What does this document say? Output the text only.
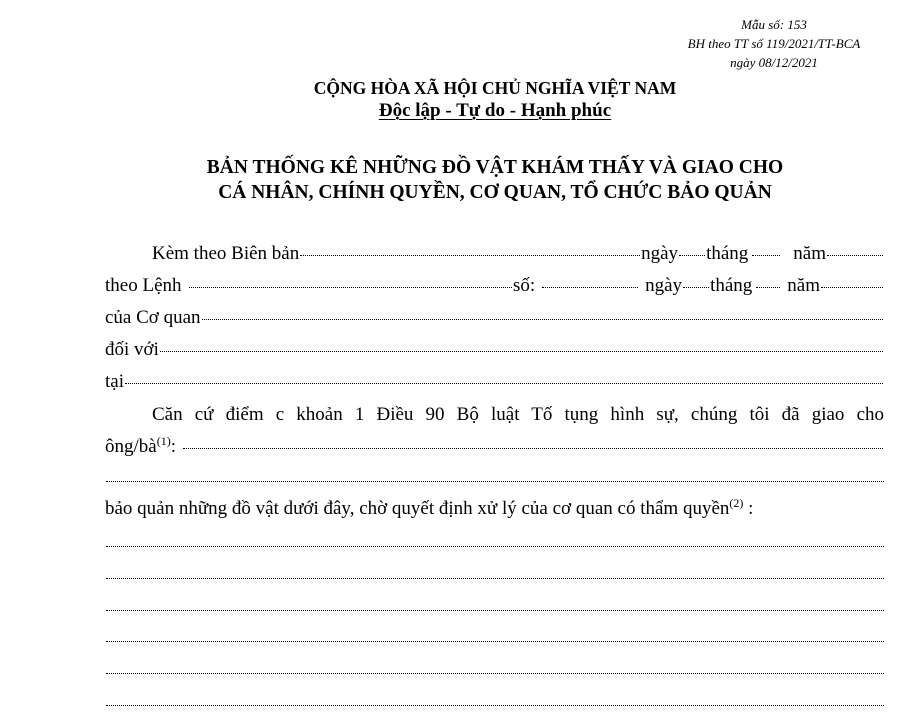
Mẫu số: 153
BH theo TT số 119/2021/TT-BCA
ngày 08/12/2021
CỘNG HÒA XÃ HỘI CHỦ NGHĨA VIỆT NAM
Độc lập - Tự do - Hạnh phúc
BẢN THỐNG KÊ NHỮNG ĐỒ VẬT KHÁM THẤY VÀ GIAO CHO
CÁ NHÂN, CHÍNH QUYỀN, CƠ QUAN, TỔ CHỨC BẢO QUẢN
Kèm theo Biên bản	ngày tháng năm
theo Lệnh	số:	ngày tháng năm
của Cơ quan
đối với
tại
Căn cứ điểm c khoản 1 Điều 90 Bộ luật Tố tụng hình sự, chúng tôi đã giao cho
ông/$bà^{(1)}$:
bảo quản những đồ vật dưới đây, chờ quyết định xử lý của cơ quan có thẩm quyền$^{(2)}$ :
